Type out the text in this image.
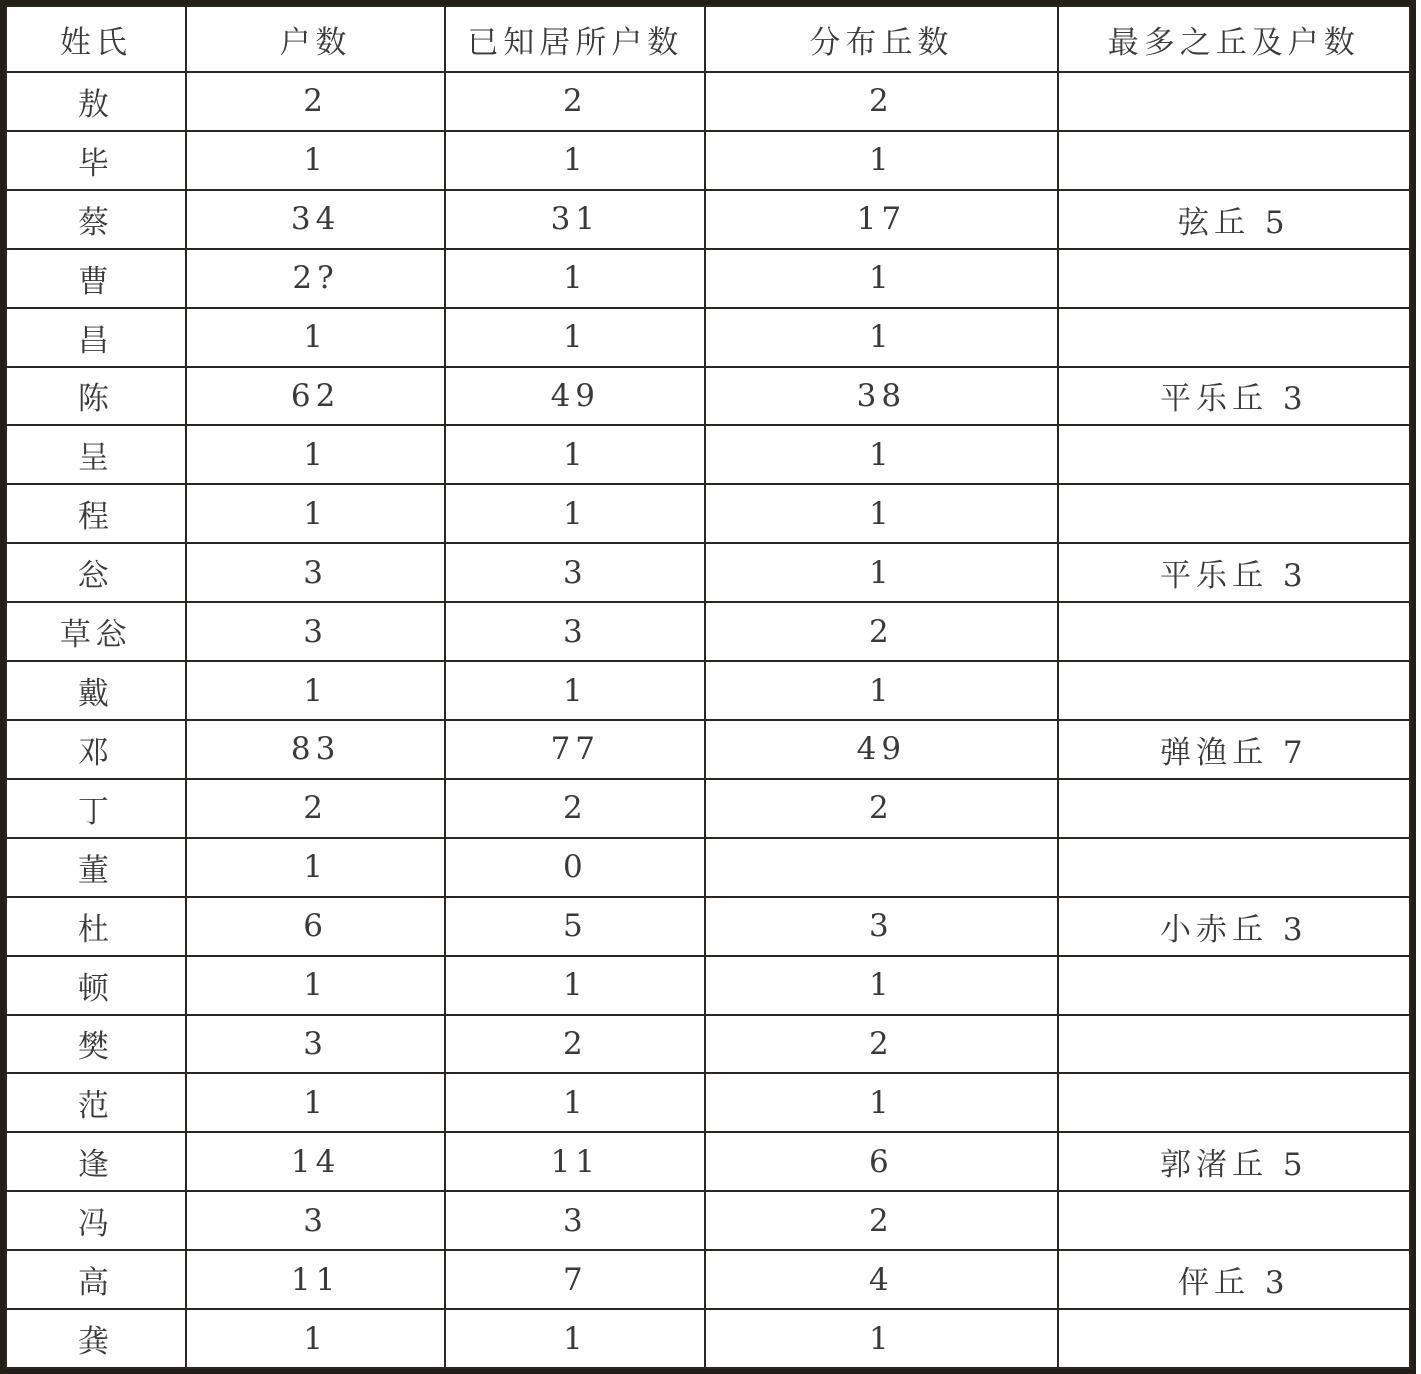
姓氏	户数	已知居所户数	分布丘数	最多之丘及户数
敖	2	2	2	
毕	1	1	1	
蔡	34	31	17	弦丘 5
曹	2?	1	1	
昌	1	1	1	
陈	62	49	38	平乐丘 3
呈	1	1	1	
程	1	1	1	
忩	3	3	1	平乐丘 3
草忩	3	3	2	
戴	1	1	1	
邓	83	77	49	弹渔丘 7
丁	2	2	2	
董	1	0		
杜	6	5	3	小赤丘 3
顿	1	1	1	
樊	3	2	2	
范	1	1	1	
逢	14	11	6	郭渚丘 5
冯	3	3	2	
高	11	7	4	伻丘 3
龚	1	1	1	
